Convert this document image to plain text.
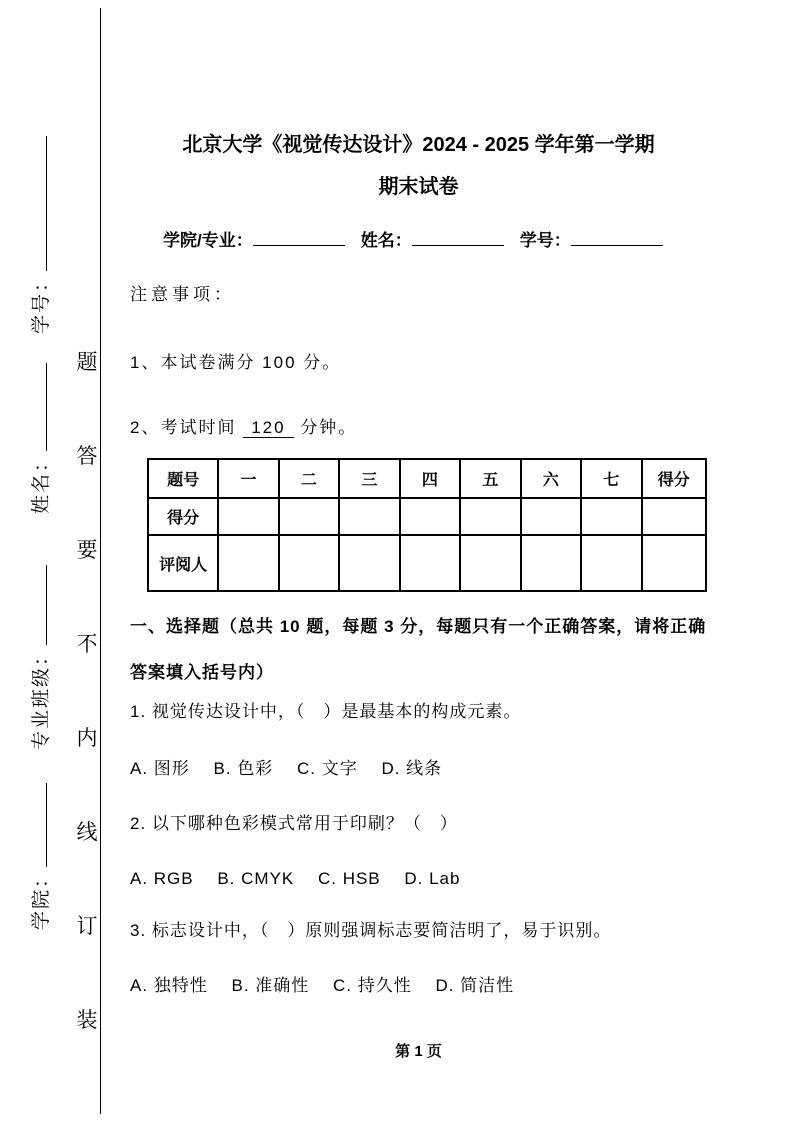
学号：
姓名：
专业班级：
学院：
题
答
要
不
内
线
订
装
北京大学《视觉传达设计》2024 - 2025 学年第一学期
期末试卷
学院/专业：	姓名：	学号：
注意事项：
1、本试卷满分 100 分。
2、考试时间 120 分钟。
题号	一	二	三	四	五	六	七	得分
得分								
评阅人								
一、选择题（总共 10 题，每题 3 分，每题只有一个正确答案，请将正确答案填入括号内）
1. 视觉传达设计中，（　）是最基本的构成元素。
A. 图形　 B. 色彩　 C. 文字　 D. 线条
2. 以下哪种色彩模式常用于印刷？（　）
A. RGB　 B. CMYK　 C. HSB　 D. Lab
3. 标志设计中，（　）原则强调标志要简洁明了，易于识别。
A. 独特性　 B. 准确性　 C. 持久性　 D. 简洁性
第 1 页
